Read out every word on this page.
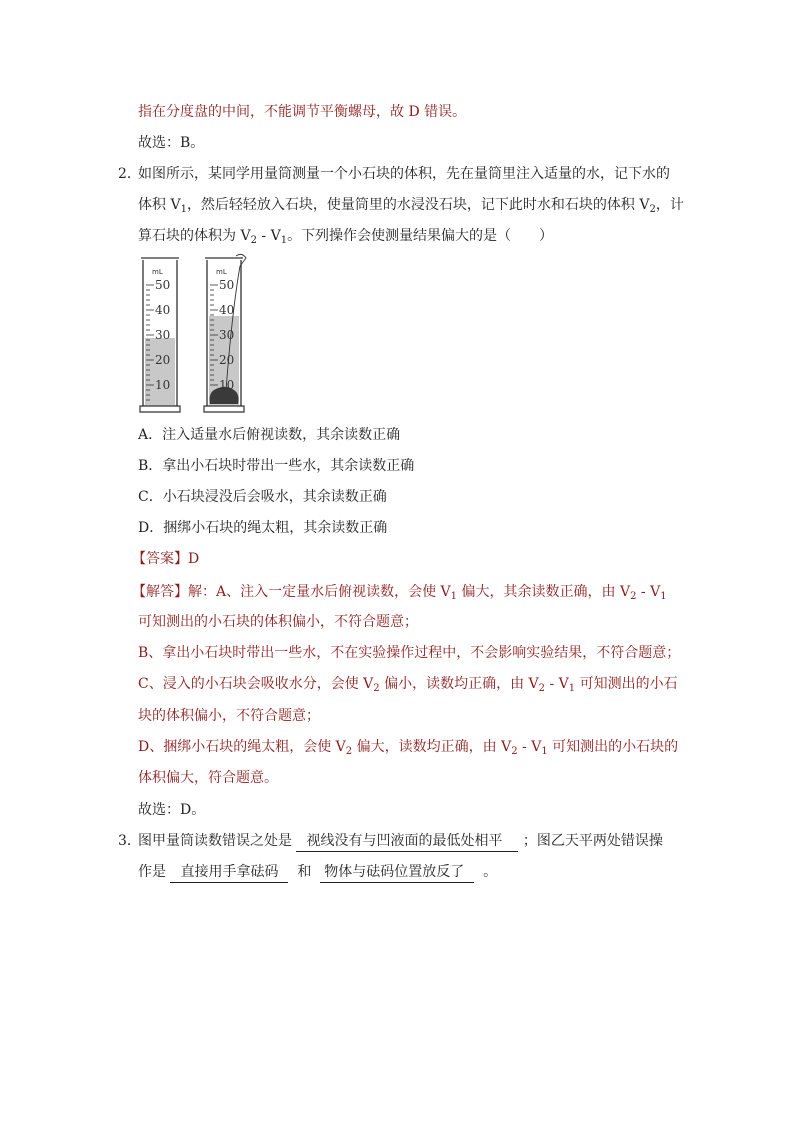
指在分度盘的中间，不能调节平衡螺母，故 D 错误。
故选：B。
2．
如图所示，某同学用量筒测量一个小石块的体积，先在量筒里注入适量的水，记下水的
体积 $V_1$，然后轻轻放入石块，使量筒里的水浸没石块，记下此时水和石块的体积 $V_2$，计
算石块的体积为 $V_2 - V_1$。下列操作会使测量结果偏大的是（　　）
mL
50
40
30
20
10
mL
50
40
30
20
10
A．注入适量水后俯视读数，其余读数正确
B．拿出小石块时带出一些水，其余读数正确
C．小石块浸没后会吸水，其余读数正确
D．捆绑小石块的绳太粗，其余读数正确
【答案】D
【解答】解：A、注入一定量水后俯视读数，会使 $V_1$ 偏大，其余读数正确，由 $V_2 - V_1$
可知测出的小石块的体积偏小，不符合题意；
B、拿出小石块时带出一些水，不在实验操作过程中，不会影响实验结果，不符合题意；
C、浸入的小石块会吸收水分，会使 $V_2$ 偏小，读数均正确，由 $V_2 - V_1$ 可知测出的小石
块的体积偏小，不符合题意；
D、捆绑小石块的绳太粗，会使 $V_2$ 偏大，读数均正确，由 $V_2 - V_1$ 可知测出的小石块的
体积偏大，符合题意。
故选：D。
3．
图甲量筒读数错误之处是 视线没有与凹液面的最低处相平 ；图乙天平两处错误操
作是 直接用手拿砝码 和 物体与砝码位置放反了 。
